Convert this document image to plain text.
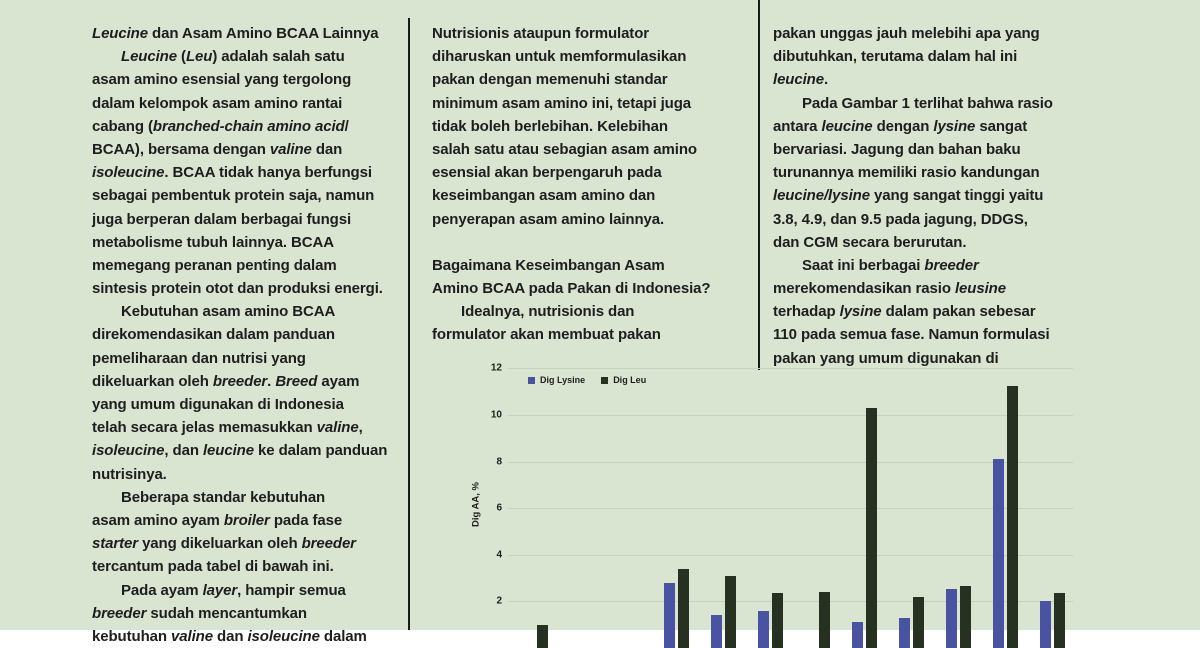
Leucine dan Asam Amino BCAA Lainnya
Leucine (Leu) adalah salah satu
asam amino esensial yang tergolong
dalam kelompok asam amino rantai
cabang (branched-chain amino acid/
BCAA), bersama dengan valine dan
isoleucine. BCAA tidak hanya berfungsi
sebagai pembentuk protein saja, namun
juga berperan dalam berbagai fungsi
metabolisme tubuh lainnya. BCAA
memegang peranan penting dalam
sintesis protein otot dan produksi energi.
Kebutuhan asam amino BCAA
direkomendasikan dalam panduan
pemeliharaan dan nutrisi yang
dikeluarkan oleh breeder. Breed ayam
yang umum digunakan di Indonesia
telah secara jelas memasukkan valine,
isoleucine, dan leucine ke dalam panduan
nutrisinya.
Beberapa standar kebutuhan
asam amino ayam broiler pada fase
starter yang dikeluarkan oleh breeder
tercantum pada tabel di bawah ini.
Pada ayam layer, hampir semua
breeder sudah mencantumkan
kebutuhan valine dan isoleucine dalam
Nutrisionis ataupun formulator
diharuskan untuk memformulasikan
pakan dengan memenuhi standar
minimum asam amino ini, tetapi juga
tidak boleh berlebihan. Kelebihan
salah satu atau sebagian asam amino
esensial akan berpengaruh pada
keseimbangan asam amino dan
penyerapan asam amino lainnya.
Bagaimana Keseimbangan Asam
Amino BCAA pada Pakan di Indonesia?
Idealnya, nutrisionis dan
formulator akan membuat pakan
pakan unggas jauh melebihi apa yang
dibutuhkan, terutama dalam hal ini
leucine.
Pada Gambar 1 terlihat bahwa rasio
antara leucine dengan lysine sangat
bervariasi. Jagung dan bahan baku
turunannya memiliki rasio kandungan
leucine/lysine yang sangat tinggi yaitu
3.8, 4.9, dan 9.5 pada jagung, DDGS,
dan CGM secara berurutan.
Saat ini berbagai breeder
merekomendasikan rasio leusine
terhadap lysine dalam pakan sebesar
110 pada semua fase. Namun formulasi
pakan yang umum digunakan di
2
4
6
8
10
12
Dig AA, %
Dig Lysine	Dig Leu
